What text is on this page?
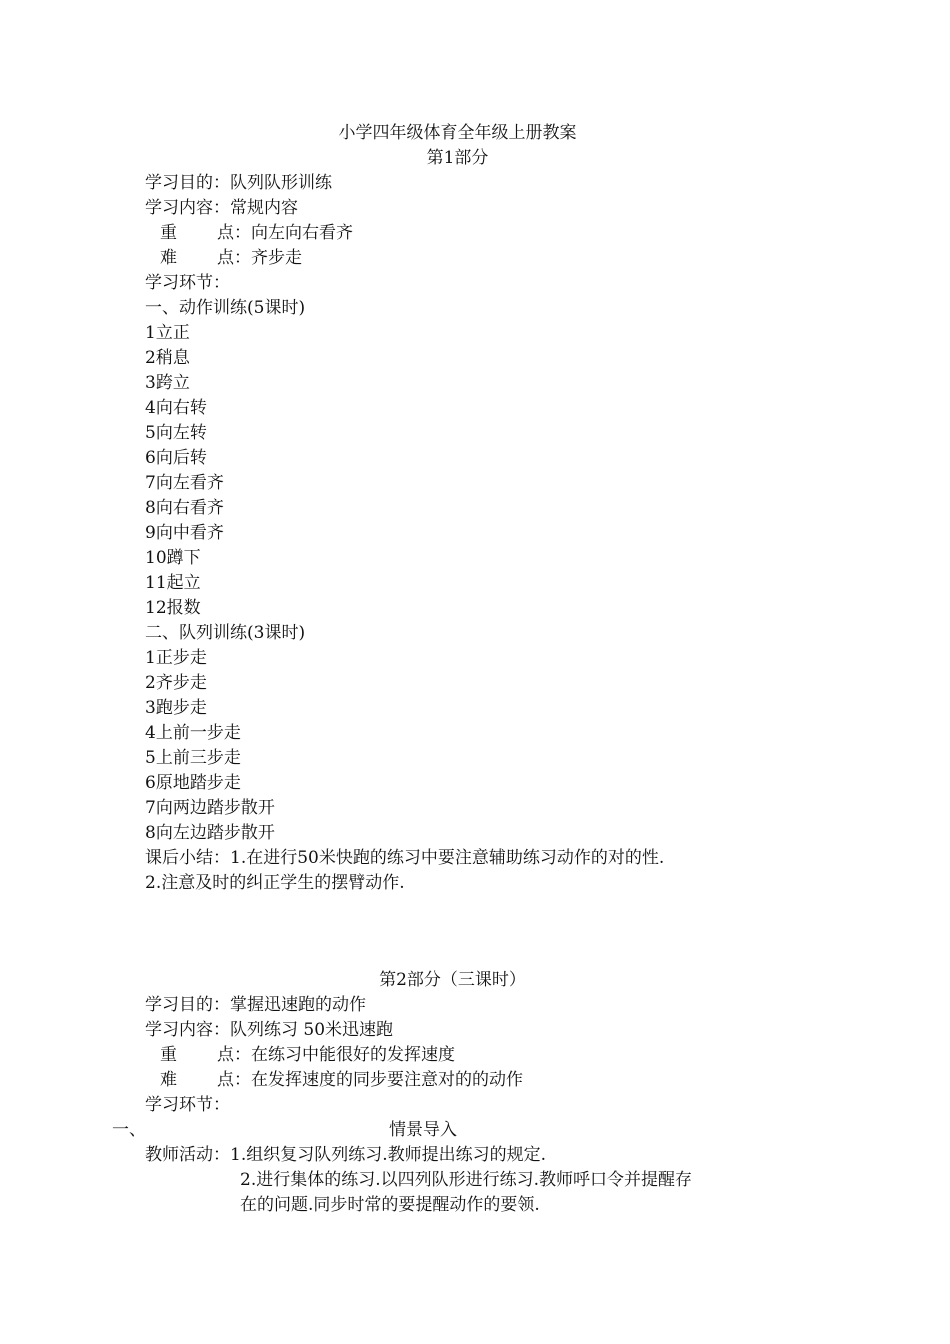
小学四年级体育全年级上册教案
第1部分
学习目的：队列队形训练
学习内容：常规内容
重 点：向左向右看齐
难 点：齐步走
学习环节：
一、动作训练(5课时)
1立正
2稍息
3跨立
4向右转
5向左转
6向后转
7向左看齐
8向右看齐
9向中看齐
10蹲下
11起立
12报数
二、队列训练(3课时)
1正步走
2齐步走
3跑步走
4上前一步走
5上前三步走
6原地踏步走
7向两边踏步散开
8向左边踏步散开
课后小结：1.在进行50米快跑的练习中要注意辅助练习动作的对的性.
2.注意及时的纠正学生的摆臂动作.
第2部分（三课时）
学习目的：掌握迅速跑的动作
学习内容：队列练习 50米迅速跑
重 点：在练习中能很好的发挥速度
难 点：在发挥速度的同步要注意对的的动作
学习环节：
一、	情景导入
教师活动：1.组织复习队列练习.教师提出练习的规定.
2.进行集体的练习.以四列队形进行练习.教师呼口令并提醒存
在的问题.同步时常的要提醒动作的要领.
